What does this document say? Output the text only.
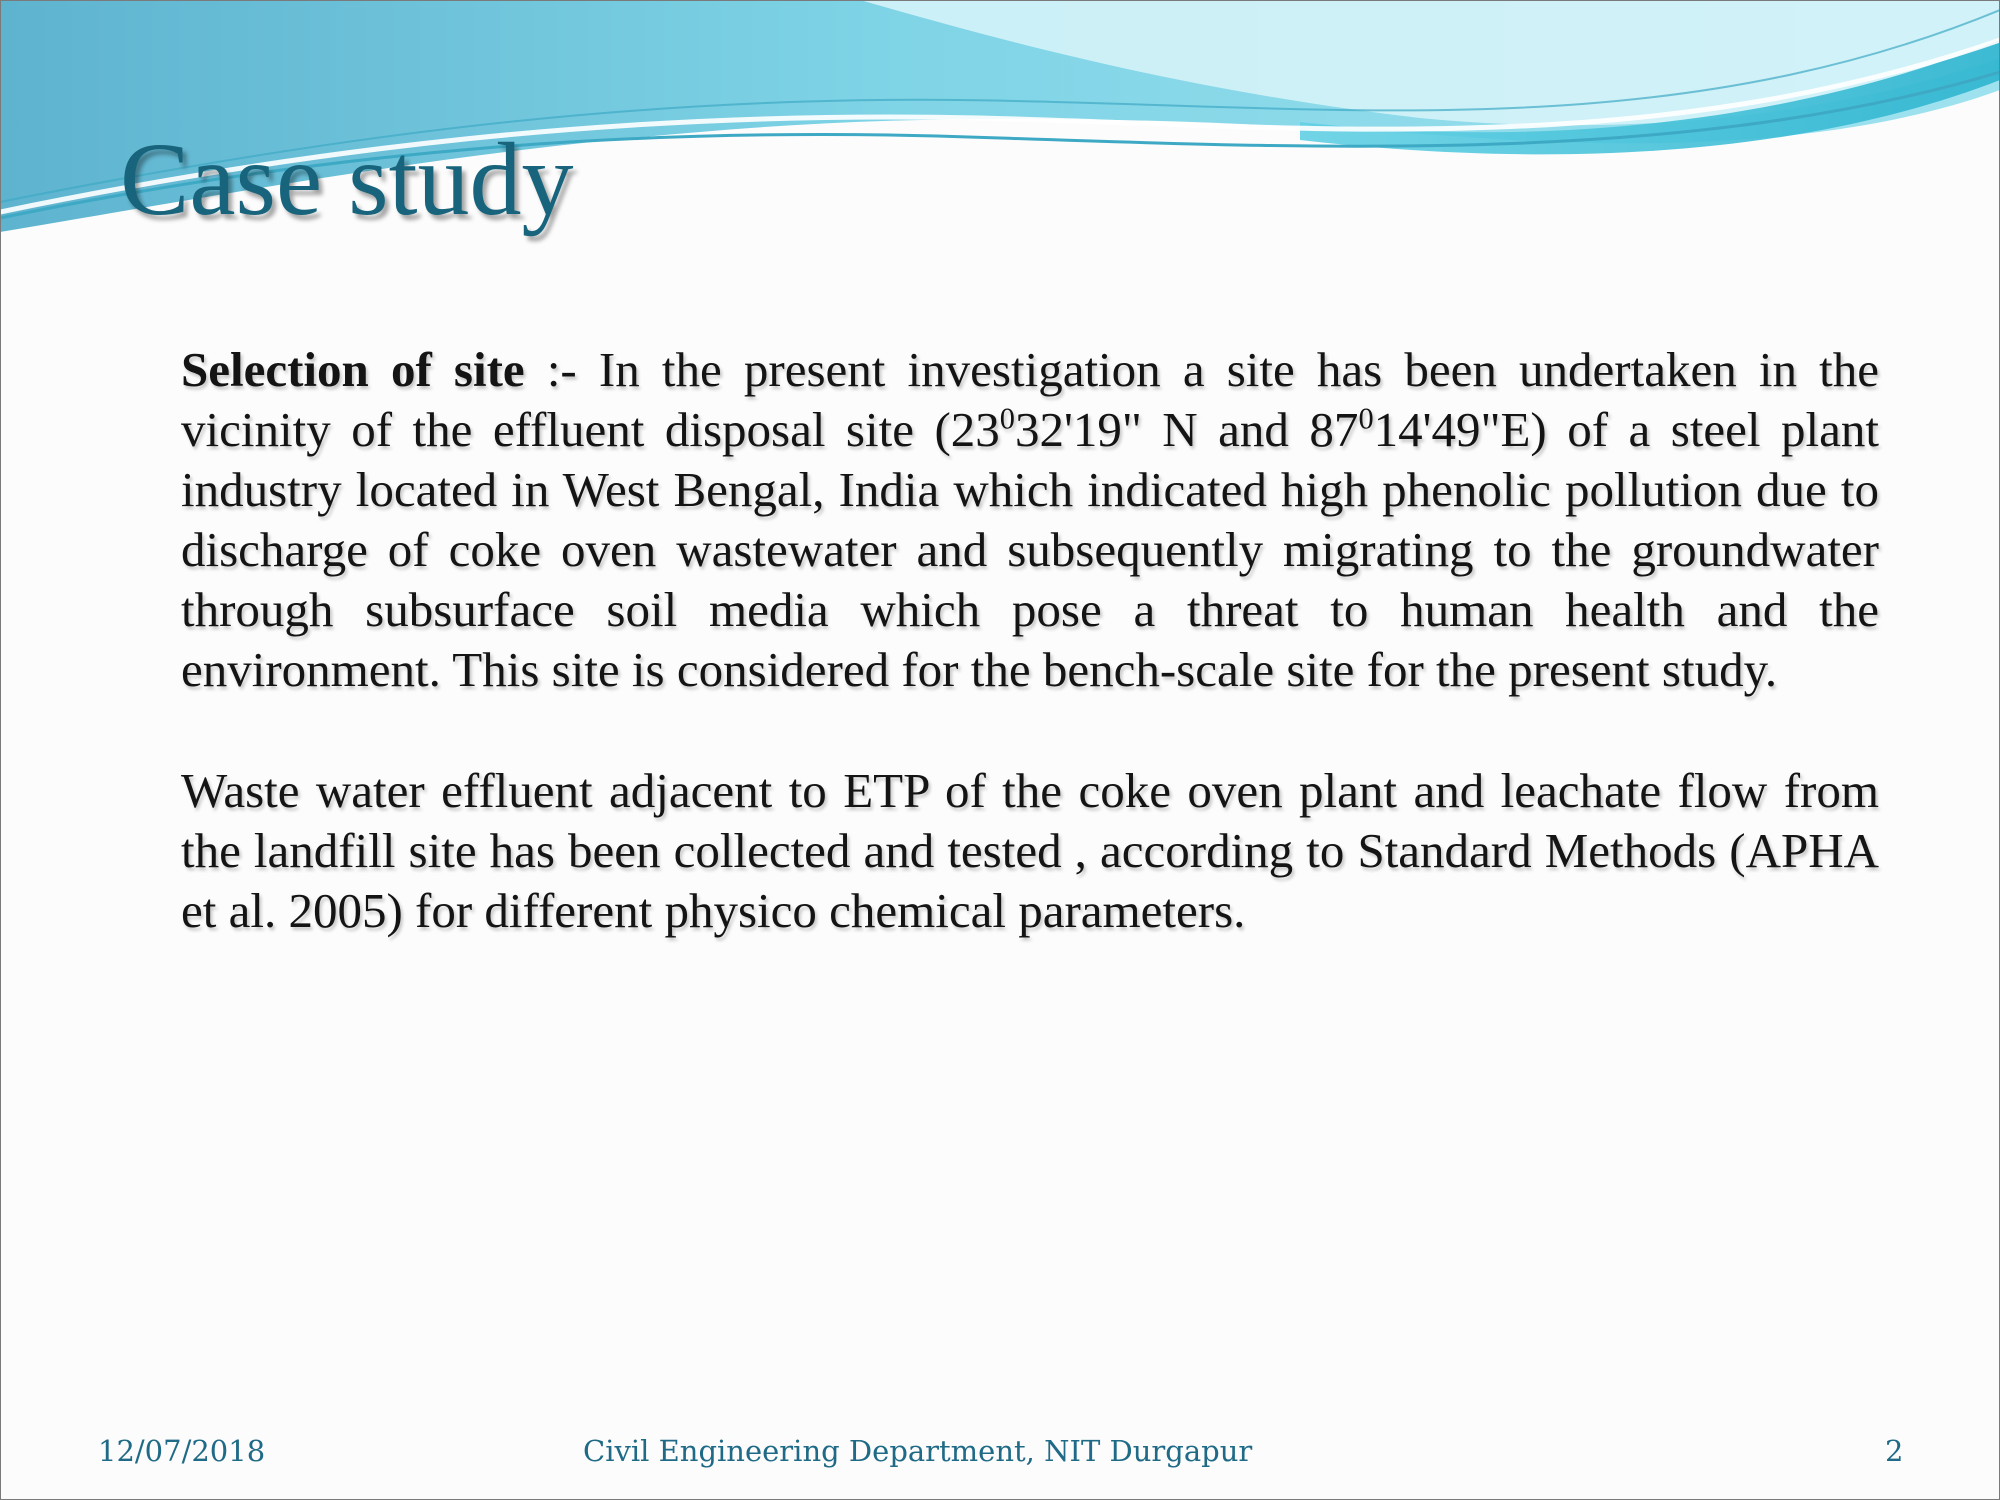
Case study

Selection of site :- In the present investigation a site has been undertaken in the vicinity of the effluent disposal site ($23^032'19$" N and $87^014'49"E$) of a steel plant industry located in West Bengal, India which indicated high phenolic pollution due to discharge of coke oven wastewater and subsequently migrating to the groundwater through subsurface soil media which pose a threat to human health and the environment. This site is considered for the bench-scale site for the present study.

Waste water effluent adjacent to ETP of the coke oven plant and leachate flow from the landfill site has been collected and tested , according to Standard Methods (APHA et al. 2005) for different physico chemical parameters.

12/07/2018	Civil Engineering Department, NIT Durgapur	2
